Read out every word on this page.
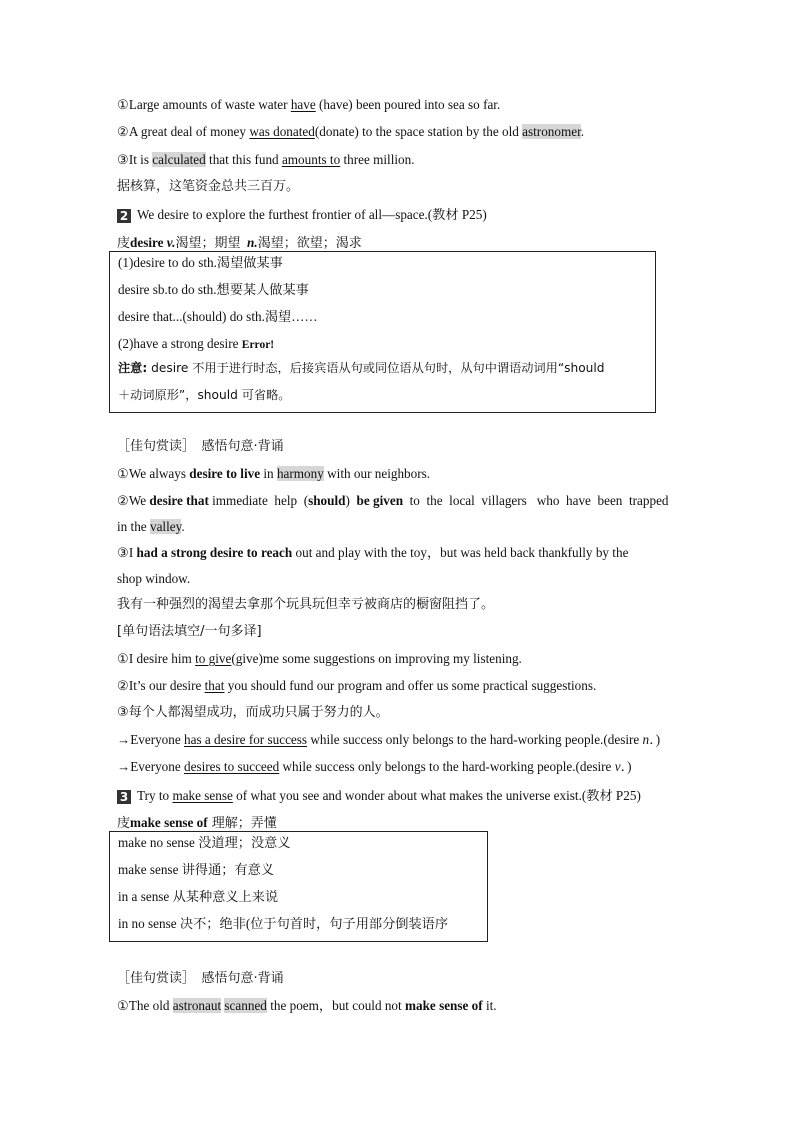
①Large amounts of waste water have (have) been poured into sea so far.
②A great deal of money was donated(donate) to the space station by the old astronomer.
③It is calculated that this fund amounts to three million.
据核算，这笔资金总共三百万。
2 We desire to explore the furthest frontier of all—space.(教材 P25)
庋desire v.渴望；期望 n.渴望；欲望；渴求
(1)desire to do sth.渴望做某事
desire sb.to do sth.想要某人做某事
desire that...(should) do sth.渴望……
(2)have a strong desire Error!
注意: desire 不用于进行时态，后接宾语从句或同位语从句时，从句中谓语动词用“should
＋动词原形”，should 可省略。
［佳句赏读］　感悟句意·背诵
①We always desire to live in harmony with our neighbors.
②We desire that immediate  help  (should)  be given  to  the  local  villagers   who  have  been  trapped
in the valley.
③I had a strong desire to reach out and play with the toy，but was held back thankfully by the
shop window.
我有一种强烈的渴望去拿那个玩具玩但幸亏被商店的橱窗阻挡了。
[单句语法填空/一句多译]
①I desire him to give(give)me some suggestions on improving my listening.
②It’s our desire that you should fund our program and offer us some practical suggestions.
③每个人都渴望成功，而成功只属于努力的人。
→Everyone has a desire for success while success only belongs to the hard-working people.(desire n．)
→Everyone desires to succeed while success only belongs to the hard-working people.(desire v．)
3 Try to make sense of what you see and wonder about what makes the universe exist.(教材 P25)
庋make sense of 理解；弄懂
make no sense 没道理；没意义
make sense 讲得通；有意义
in a sense 从某种意义上来说
in no sense 决不；绝非(位于句首时，句子用部分倒装语序
［佳句赏读］　感悟句意·背诵
①The old astronaut scanned the poem，but could not make sense of it.
